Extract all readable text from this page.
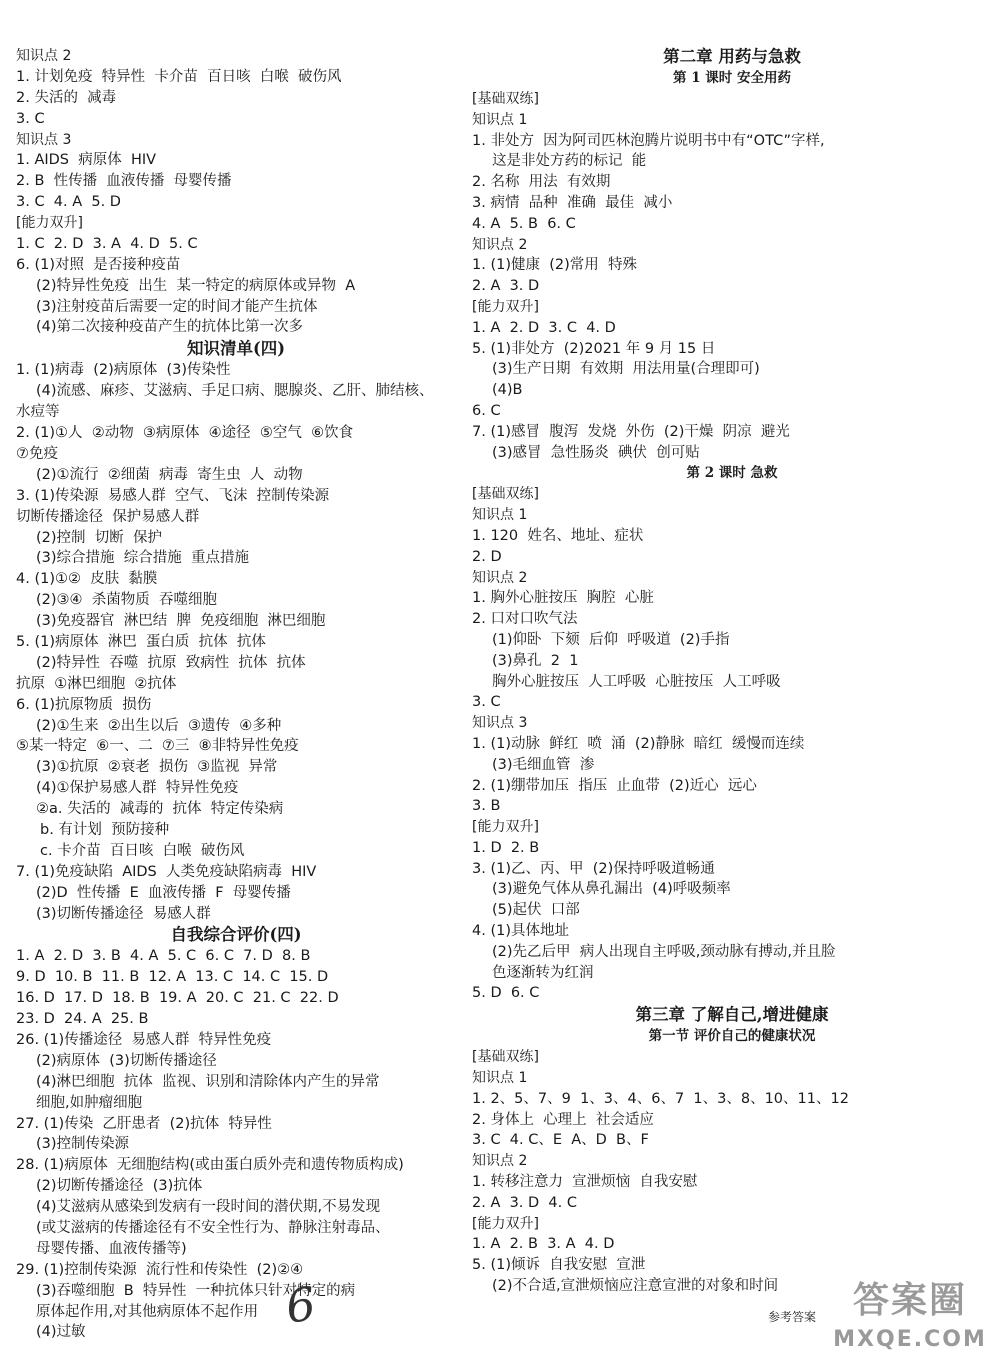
知识点 2
1. 计划免疫  特异性  卡介苗  百日咳  白喉  破伤风
2. 失活的  减毒
3. C
知识点 3
1. AIDS  病原体  HIV
2. B  性传播  血液传播  母婴传播
3. C  4. A  5. D
[能力双升]
1. C  2. D  3. A  4. D  5. C
6. (1)对照  是否接种疫苗
(2)特异性免疫  出生  某一特定的病原体或异物  A
(3)注射疫苗后需要一定的时间才能产生抗体
(4)第二次接种疫苗产生的抗体比第一次多
知识清单(四)
1. (1)病毒  (2)病原体  (3)传染性
(4)流感、麻疹、艾滋病、手足口病、腮腺炎、乙肝、肺结核、
水痘等
2. (1)①人  ②动物  ③病原体  ④途径  ⑤空气  ⑥饮食
⑦免疫
(2)①流行  ②细菌  病毒  寄生虫  人  动物
3. (1)传染源  易感人群  空气、飞沫  控制传染源
切断传播途径  保护易感人群
(2)控制  切断  保护
(3)综合措施  综合措施  重点措施
4. (1)①②  皮肤  黏膜
(2)③④  杀菌物质  吞噬细胞
(3)免疫器官  淋巴结  脾  免疫细胞  淋巴细胞
5. (1)病原体  淋巴  蛋白质  抗体  抗体
(2)特异性  吞噬  抗原  致病性  抗体  抗体
抗原  ①淋巴细胞  ②抗体
6. (1)抗原物质  损伤
(2)①生来  ②出生以后  ③遗传  ④多种
⑤某一特定  ⑥一、二  ⑦三  ⑧非特异性免疫
(3)①抗原  ②衰老  损伤  ③监视  异常
(4)①保护易感人群  特异性免疫
②a. 失活的  减毒的  抗体  特定传染病
b. 有计划  预防接种
c. 卡介苗  百日咳  白喉  破伤风
7. (1)免疫缺陷  AIDS  人类免疫缺陷病毒  HIV
(2)D  性传播  E  血液传播  F  母婴传播
(3)切断传播途径  易感人群
自我综合评价(四)
1. A  2. D  3. B  4. A  5. C  6. C  7. D  8. B
9. D  10. B  11. B  12. A  13. C  14. C  15. D
16. D  17. D  18. B  19. A  20. C  21. C  22. D
23. D  24. A  25. B
26. (1)传播途径  易感人群  特异性免疫
(2)病原体  (3)切断传播途径
(4)淋巴细胞  抗体  监视、识别和清除体内产生的异常
细胞,如肿瘤细胞
27. (1)传染  乙肝患者  (2)抗体  特异性
(3)控制传染源
28. (1)病原体  无细胞结构(或由蛋白质外壳和遗传物质构成)
(2)切断传播途径  (3)抗体
(4)艾滋病从感染到发病有一段时间的潜伏期,不易发现
(或艾滋病的传播途径有不安全性行为、静脉注射毒品、
母婴传播、血液传播等)
29. (1)控制传染源  流行性和传染性  (2)②④
(3)吞噬细胞  B  特异性  一种抗体只针对特定的病
原体起作用,对其他病原体不起作用
(4)过敏
第二章 用药与急救
第 1 课时 安全用药
[基础双练]
知识点 1
1. 非处方  因为阿司匹林泡腾片说明书中有“OTC”字样,
这是非处方药的标记  能
2. 名称  用法  有效期
3. 病情  品种  准确  最佳  减小
4. A  5. B  6. C
知识点 2
1. (1)健康  (2)常用  特殊
2. A  3. D
[能力双升]
1. A  2. D  3. C  4. D
5. (1)非处方  (2)2021 年 9 月 15 日
(3)生产日期  有效期  用法用量(合理即可)
(4)B
6. C
7. (1)感冒  腹泻  发烧  外伤  (2)干燥  阴凉  避光
(3)感冒  急性肠炎  碘伏  创可贴
第 2 课时 急救
[基础双练]
知识点 1
1. 120  姓名、地址、症状
2. D
知识点 2
1. 胸外心脏按压  胸腔  心脏
2. 口对口吹气法
(1)仰卧  下颏  后仰  呼吸道  (2)手指
(3)鼻孔  2  1
胸外心脏按压  人工呼吸  心脏按压  人工呼吸
3. C
知识点 3
1. (1)动脉  鲜红  喷  涌  (2)静脉  暗红  缓慢而连续
(3)毛细血管  渗
2. (1)绷带加压  指压  止血带  (2)近心  远心
3. B
[能力双升]
1. D  2. B
3. (1)乙、丙、甲  (2)保持呼吸道畅通
(3)避免气体从鼻孔漏出  (4)呼吸频率
(5)起伏  口部
4. (1)具体地址
(2)先乙后甲  病人出现自主呼吸,颈动脉有搏动,并且脸
色逐渐转为红润
5. D  6. C
第三章 了解自己,增进健康
第一节 评价自己的健康状况
[基础双练]
知识点 1
1. 2、5、7、9  1、3、4、6、7  1、3、8、10、11、12
2. 身体上  心理上  社会适应
3. C  4. C、E  A、D  B、F
知识点 2
1. 转移注意力  宣泄烦恼  自我安慰
2. A  3. D  4. C
[能力双升]
1. A  2. B  3. A  4. D
5. (1)倾诉  自我安慰  宣泄
(2)不合适,宣泄烦恼应注意宣泄的对象和时间
6	参考答案	答案圈
MXQE.COM
